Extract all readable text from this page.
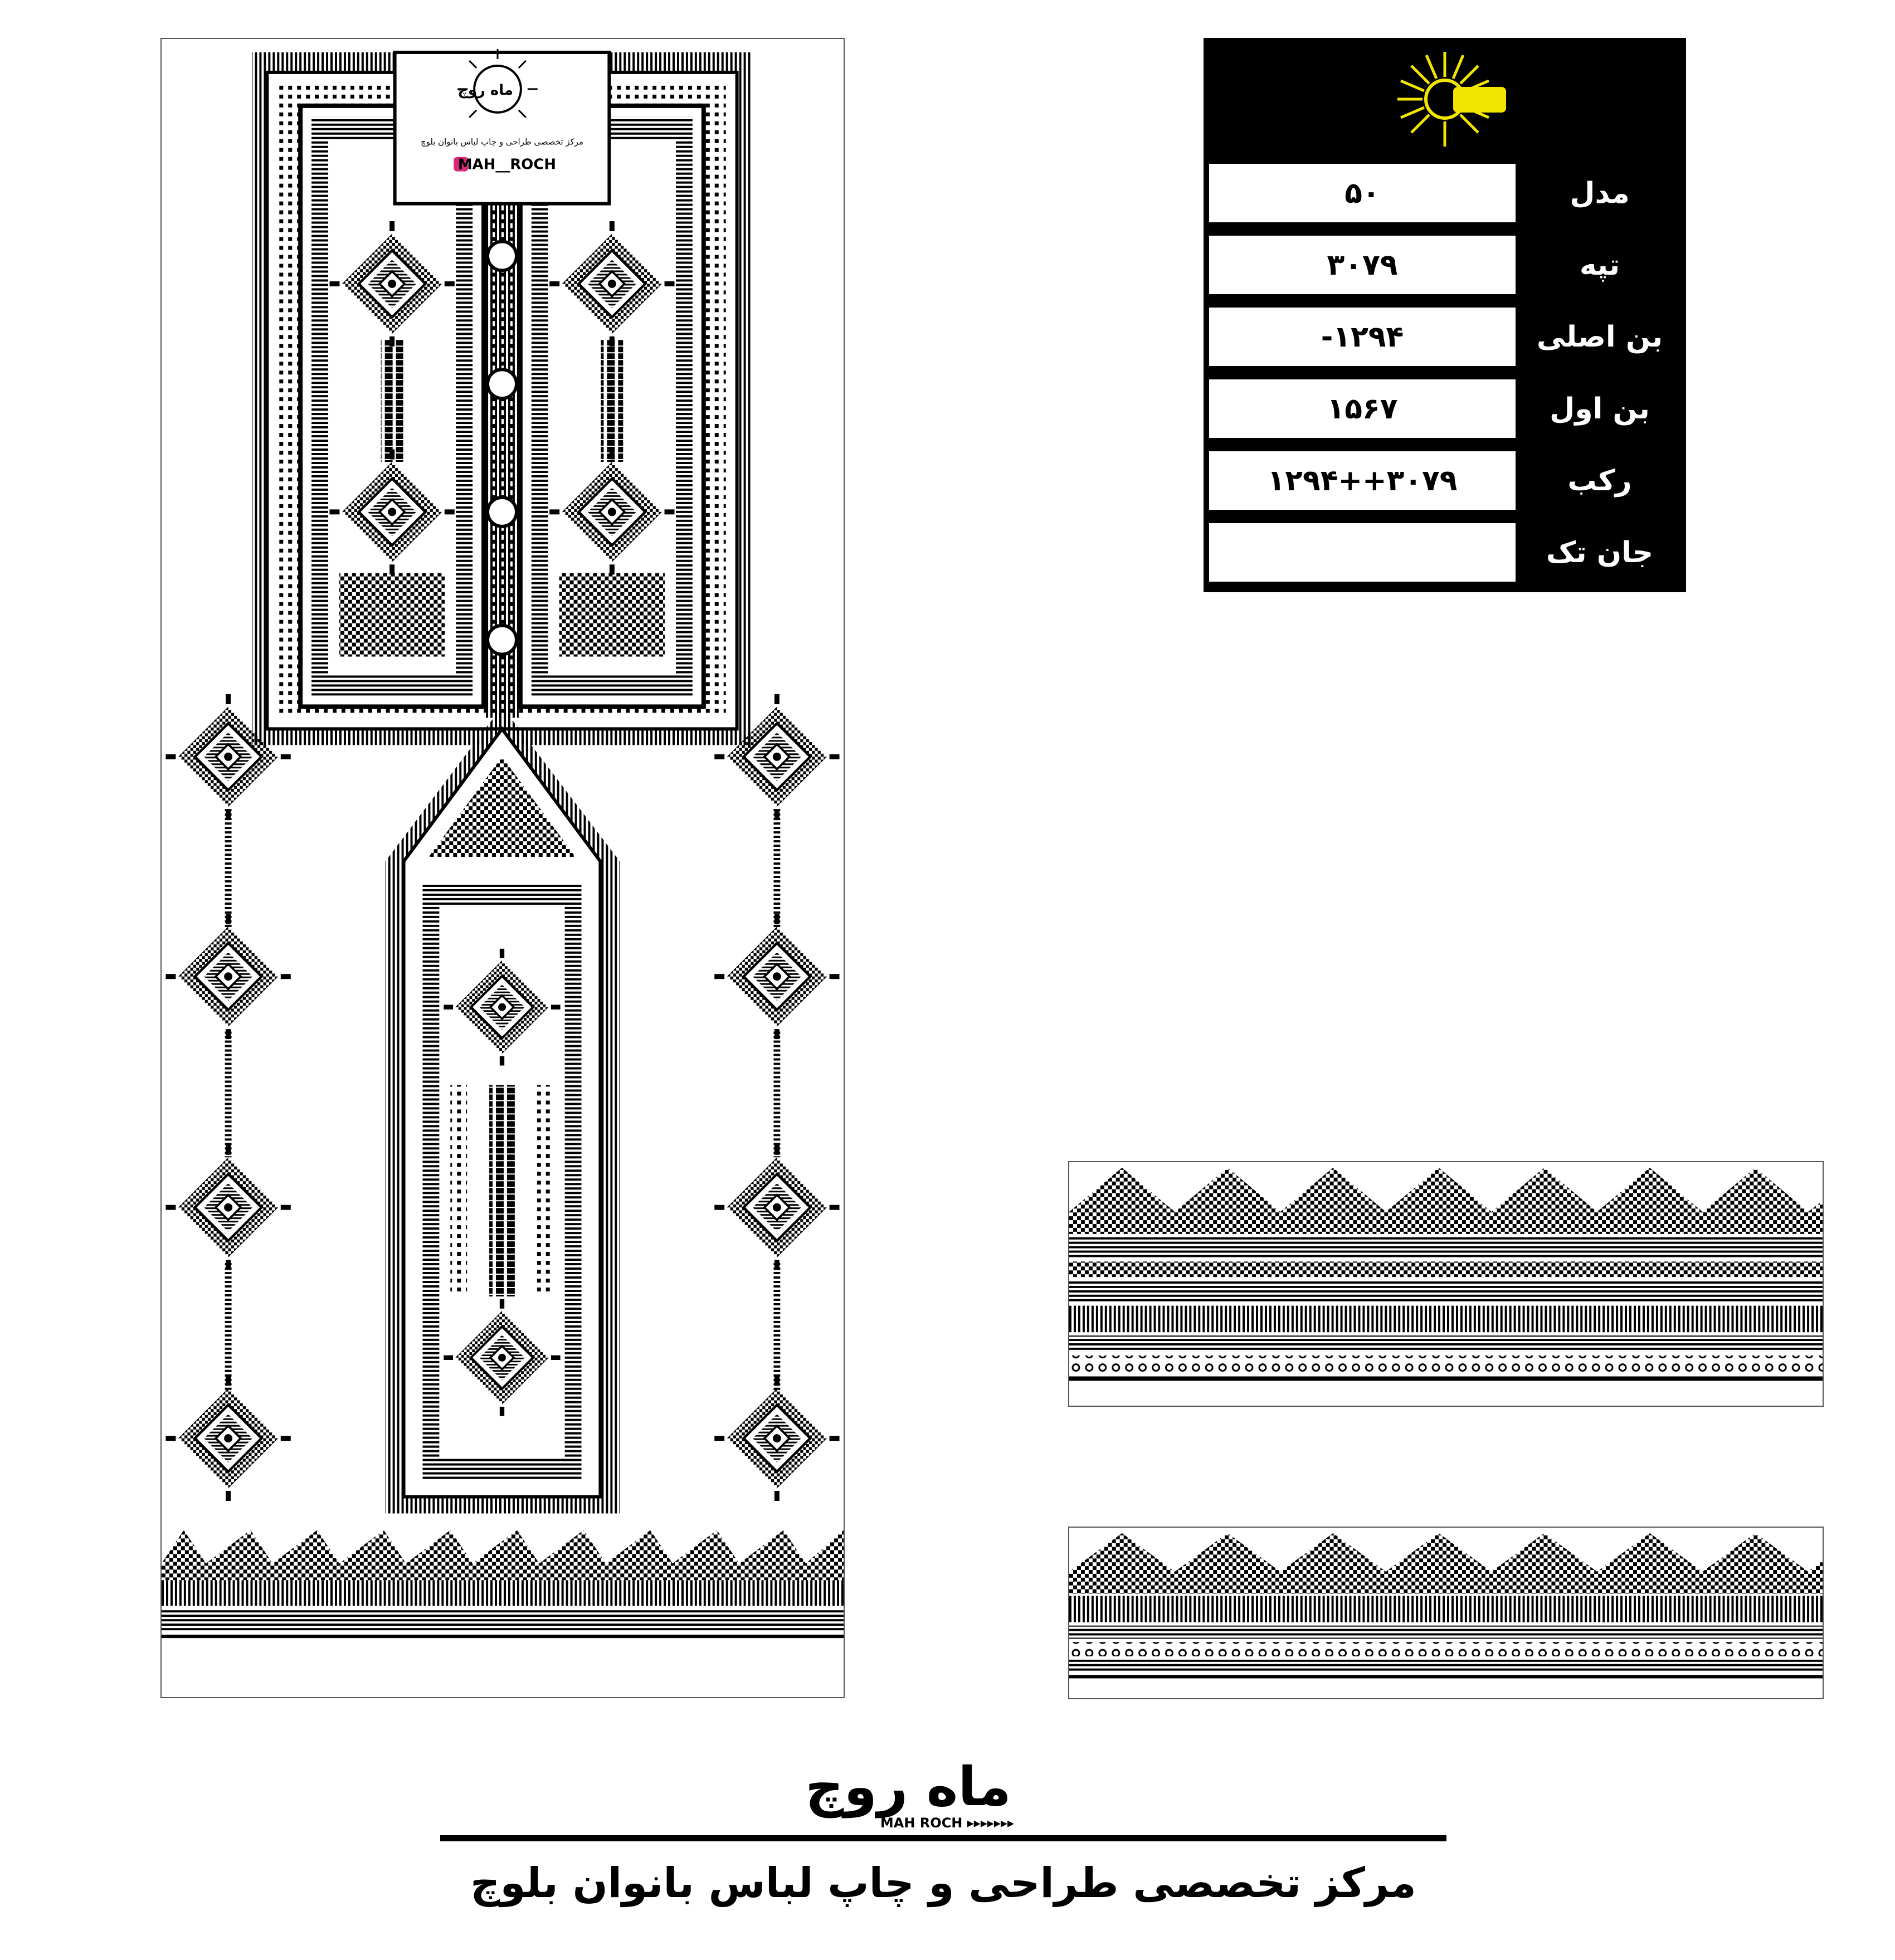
ماه روچ
مرکز تخصصی طراحی و چاپ لباس بانوان بلوچ
MAH__ROCH
مدل
۵۰
تپه
۳۰۷۹
بن اصلی
۱۲۹۴-
بن اول
۱۵۶۷
رکب
۳۰۷۹++۱۲۹۴
جان تک
ماه روچ
MAH ROCH ▸▸▸▸▸▸▸
مرکز تخصصی طراحی و چاپ لباس بانوان بلوچ
